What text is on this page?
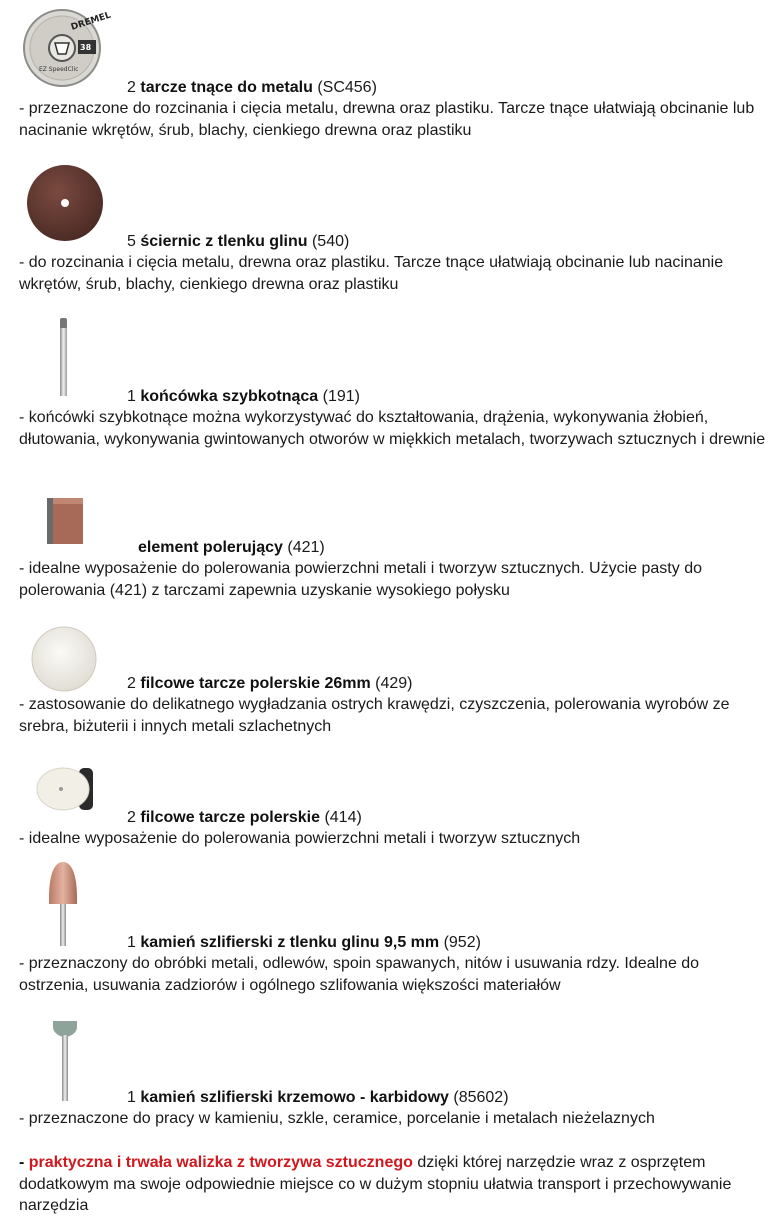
DREMEL
38
EZ SpeedClic
2 tarcze tnące do metalu (SC456)
- przeznaczone do rozcinania i cięcia metalu, drewna oraz plastiku. Tarcze tnące ułatwiają obcinanie lub nacinanie wkrętów, śrub, blachy, cienkiego drewna oraz plastiku
5 ściernic z tlenku glinu (540)
- do rozcinania i cięcia metalu, drewna oraz plastiku. Tarcze tnące ułatwiają obcinanie lub nacinanie wkrętów, śrub, blachy, cienkiego drewna oraz plastiku
1 końcówka szybkotnąca (191)
- końcówki szybkotnące można wykorzystywać do kształtowania, drążenia, wykonywania żłobień, dłutowania, wykonywania gwintowanych otworów w miękkich metalach, tworzywach sztucznych i drewnie
element polerujący (421)
- idealne wyposażenie do polerowania powierzchni metali i tworzyw sztucznych. Użycie pasty do polerowania (421) z tarczami zapewnia uzyskanie wysokiego połysku
2 filcowe tarcze polerskie 26mm (429)
- zastosowanie do delikatnego wygładzania ostrych krawędzi, czyszczenia, polerowania wyrobów ze srebra, biżuterii i innych metali szlachetnych
2 filcowe tarcze polerskie (414)
- idealne wyposażenie do polerowania powierzchni metali i tworzyw sztucznych
1 kamień szlifierski z tlenku glinu 9,5 mm (952)
- przeznaczony do obróbki metali, odlewów, spoin spawanych, nitów i usuwania rdzy. Idealne do ostrzenia, usuwania zadziorów i ogólnego szlifowania większości materiałów
1 kamień szlifierski krzemowo - karbidowy (85602)
- przeznaczone do pracy w kamieniu, szkle, ceramice, porcelanie i metalach nieżelaznych
- praktyczna i trwała walizka z tworzywa sztucznego dzięki której narzędzie wraz z osprzętem dodatkowym ma swoje odpowiednie miejsce co w dużym stopniu ułatwia transport i przechowywanie narzędzia
